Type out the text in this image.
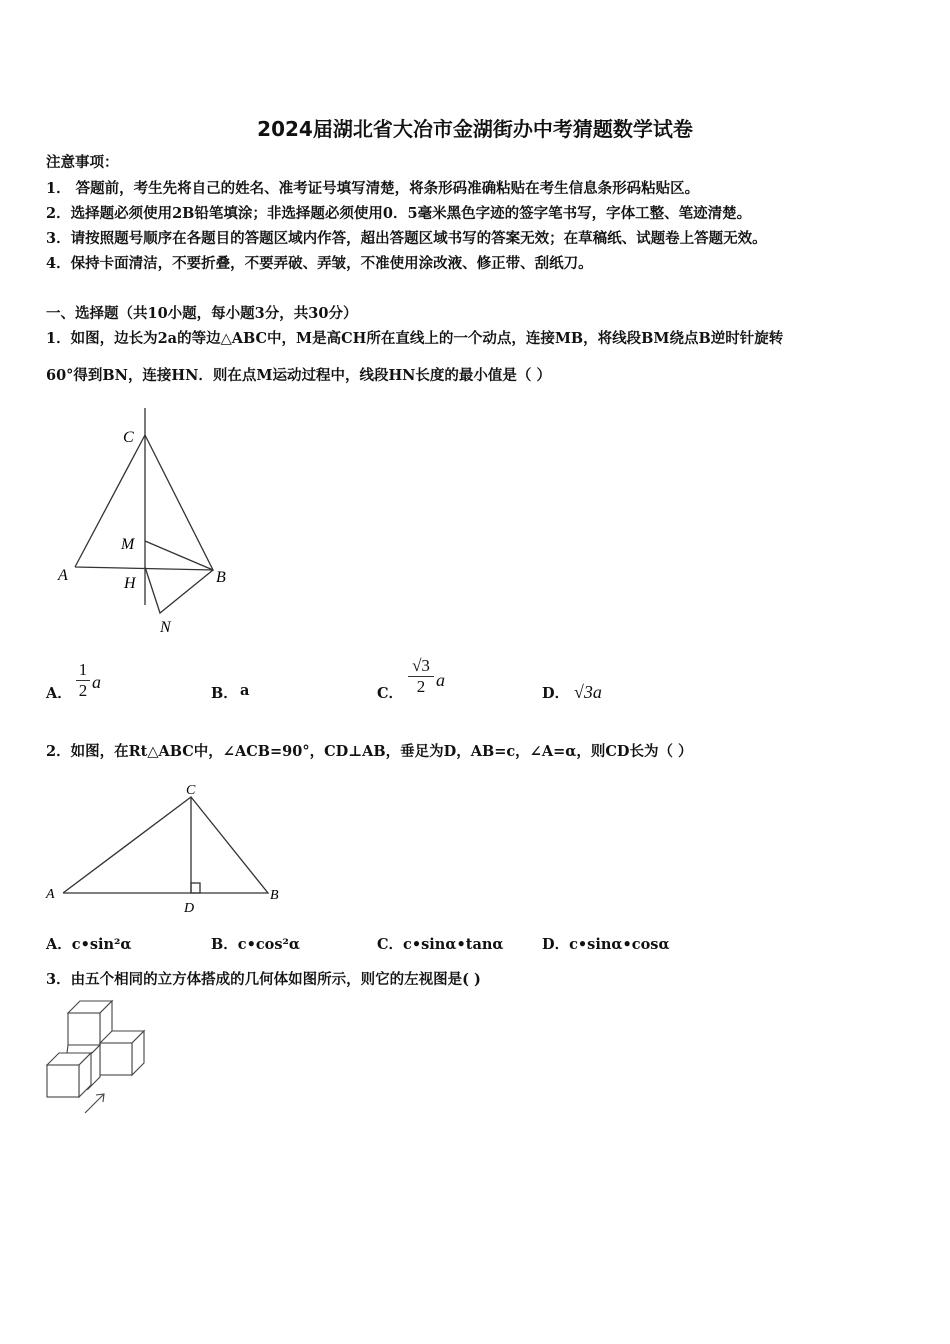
2024届湖北省大冶市金湖街办中考猜题数学试卷
注意事项：
1． 答题前，考生先将自己的姓名、准考证号填写清楚，将条形码准确粘贴在考生信息条形码粘贴区。
2．选择题必须使用2B铅笔填涂；非选择题必须使用0．5毫米黑色字迹的签字笔书写，字体工整、笔迹清楚。
3．请按照题号顺序在各题目的答题区域内作答，超出答题区域书写的答案无效；在草稿纸、试题卷上答题无效。
4．保持卡面清洁，不要折叠，不要弄破、弄皱，不准使用涂改液、修正带、刮纸刀。
一、选择题（共10小题，每小题3分，共30分）
1．如图，边长为2a的等边△ABC中，M是高CH所在直线上的一个动点，连接MB，将线段BM绕点B逆时针旋转
60°得到BN，连接HN．则在点M运动过程中，线段HN长度的最小值是（ ）
C
M
A	H	B
N
C
A	B
D
A． $\frac{1}{2}$ a
B． a	C． $\frac{√3}{2}$ a
D． √3a
2．如图，在Rt△ABC中，∠ACB=90°，CD⊥AB，垂足为D，AB=c，∠A=α，则CD长为（ ）
A．c•sin²α	B．c•cos²α	C．c•sinα•tanα	D．c•sinα•cosα
3．由五个相同的立方体搭成的几何体如图所示，则它的左视图是( )
